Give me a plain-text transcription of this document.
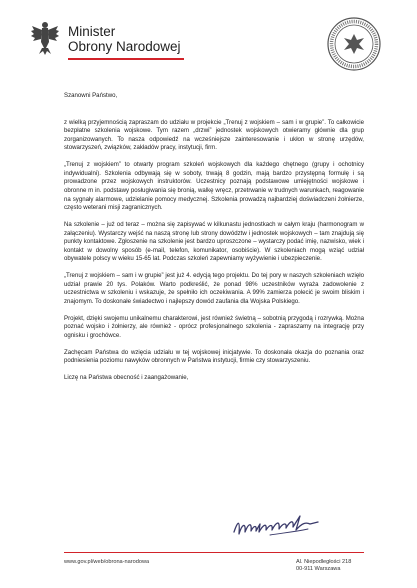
Minister
Obrony Narodowej

Szanowni Państwo,

z wielką przyjemnością zapraszam do udziału w projekcie „Trenuj z wojskiem – sam i w grupie”. To całkowicie bezpłatne szkolenia wojskowe. Tym razem „drzwi” jednostek wojskowych otwieramy głównie dla grup zorganizowanych. To nasza odpowiedź na wcześniejsze zainteresowanie i ukłon w stronę urzędów, stowarzyszeń, związków, zakładów pracy, instytucji, firm.

„Trenuj z wojskiem” to otwarty program szkoleń wojskowych dla każdego chętnego (grupy i ochotnicy indywidualni). Szkolenia odbywają się w soboty, trwają 8 godzin, mają bardzo przystępną formułę i są prowadzone przez wojskowych instruktorów. Uczestnicy poznają podstawowe umiejętności wojskowe i obronne m in. podstawy posługiwania się bronią, walkę wręcz, przetrwanie w trudnych warunkach, reagowanie na sygnały alarmowe, udzielanie pomocy medycznej. Szkolenia prowadzą najbardziej doświadczeni żołnierze, często weterani misji zagranicznych.

Na szkolenie – już od teraz – można się zapisywać w kilkunastu jednostkach w całym kraju (harmonogram w załączeniu). Wystarczy wejść na naszą stronę lub strony dowództw i jednostek wojskowych – tam znajdują się punkty kontaktowe. Zgłoszenie na szkolenie jest bardzo uproszczone – wystarczy podać imię, nazwisko, wiek i kontakt w dowolny sposób (e-mail, telefon, komunikator, osobiście). W szkoleniach mogą wziąć udział obywatele polscy w wieku 15-65 lat. Podczas szkoleń zapewniamy wyżywienie i ubezpieczenie.

„Trenuj z wojskiem – sam i w grupie” jest już 4. edycją tego projektu. Do tej pory w naszych szkoleniach wzięło udział prawie 20 tys. Polaków. Warto podkreślić, że ponad 98% uczestników wyraża zadowolenie z uczestnictwa w szkoleniu i wskazuje, że spełniło ich oczekiwania. A 99% zamierza polecić je swoim bliskim i znajomym. To doskonałe świadectwo i najlepszy dowód zaufania dla Wojska Polskiego.

Projekt, dzięki swojemu unikalnemu charakterowi, jest również świetną – sobotnią przygodą i rozrywką. Można poznać wojsko i żołnierzy, ale również - oprócz profesjonalnego szkolenia - zapraszamy na integrację przy ognisku i grochówce.

Zachęcam Państwa do wzięcia udziału w tej wojskowej inicjatywie. To doskonała okazja do poznania oraz podniesienia poziomu nawyków obronnych w Państwa instytucji, firmie czy stowarzyszeniu.

Liczę na Państwa obecność i zaangażowanie,

www.gov.pl/web/obrona-narodowa	Al. Niepodległości 218
00-911 Warszawa
